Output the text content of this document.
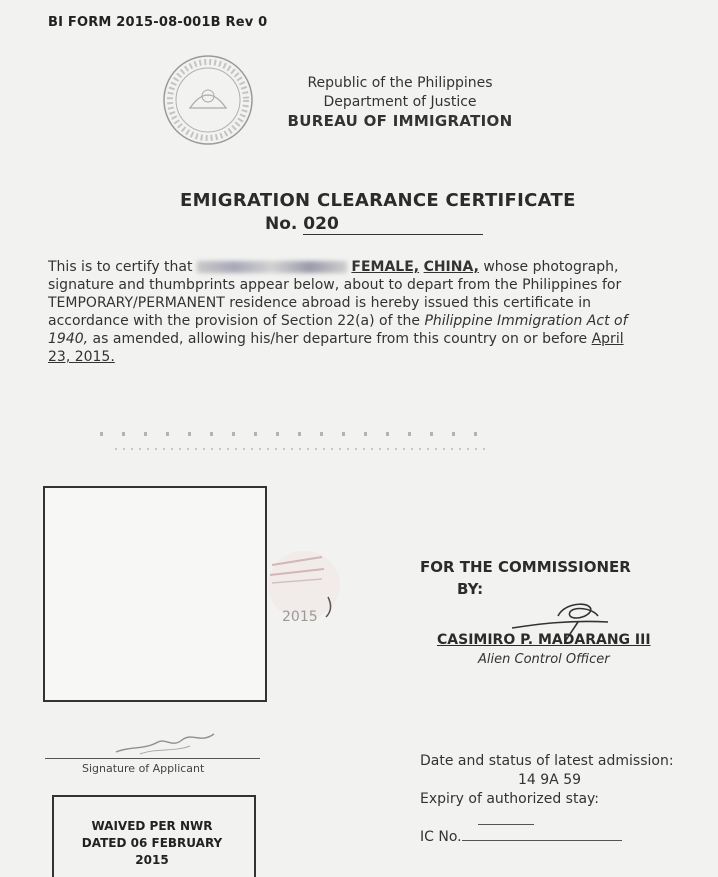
BI FORM 2015-08-001B Rev 0
Republic of the Philippines
Department of Justice
BUREAU OF IMMIGRATION
EMIGRATION CLEARANCE CERTIFICATE
No. 020
This is to certify that	FEMALE, CHINA, whose photograph,
signature and thumbprints appear below, about to depart from the Philippines for
TEMPORARY/PERMANENT residence abroad is hereby issued this certificate in
accordance with the provision of Section 22(a) of the Philippine Immigration Act of
1940, as amended, allowing his/her departure from this country on or before April
23, 2015.
2015
FOR THE COMMISSIONER
BY:
CASIMIRO P. MADARANG III
Alien Control Officer
Signature of Applicant	Date and status of latest admission:
14 9A 59
Expiry of authorized stay:
IC No.
WAIVED PER NWR
DATED 06 FEBRUARY
2015
